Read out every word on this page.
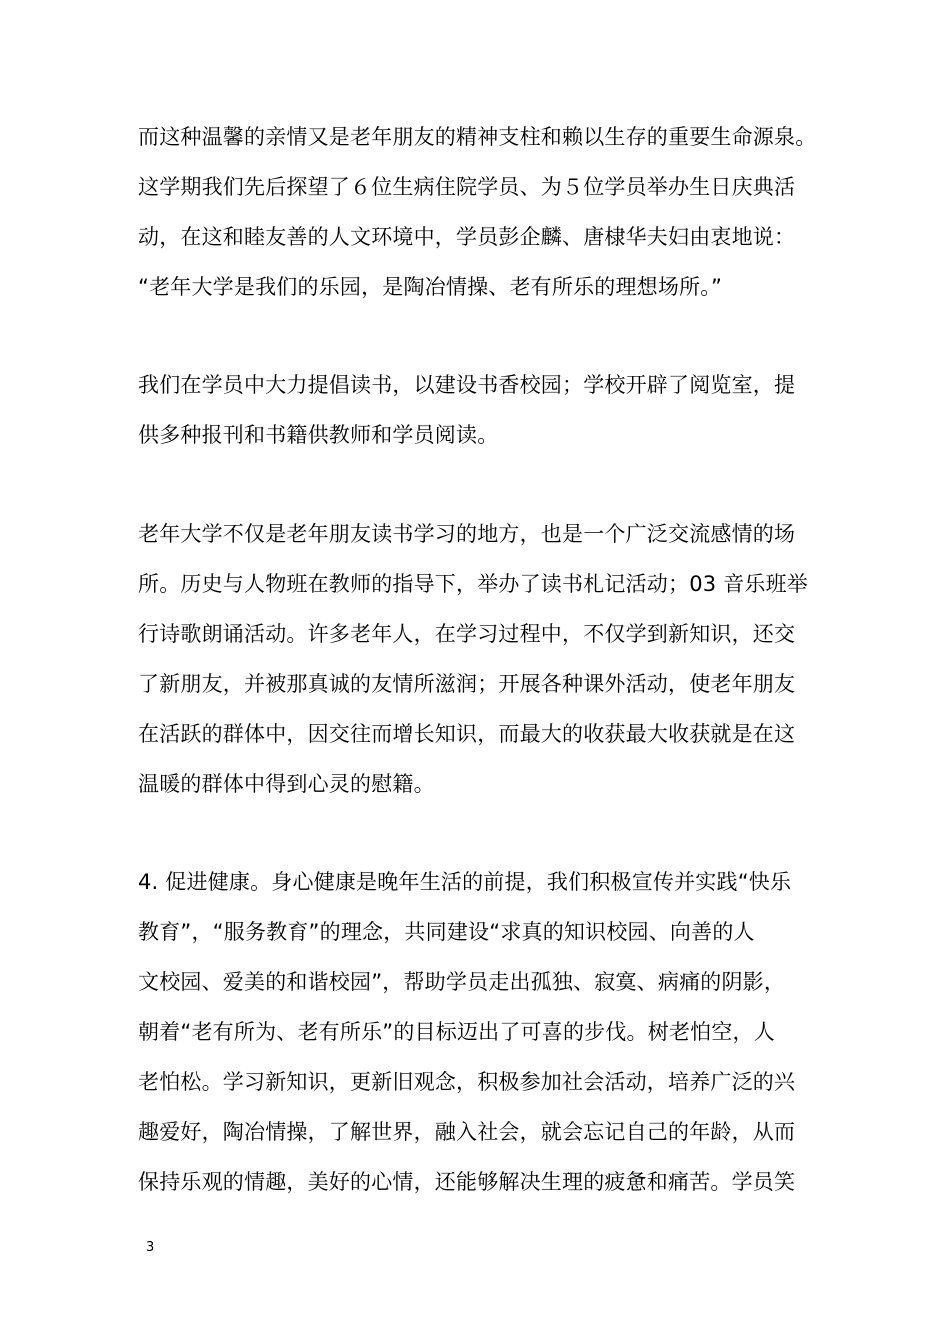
而这种温馨的亲情又是老年朋友的精神支柱和赖以生存的重要生命源泉。
这学期我们先后探望了６位生病住院学员、为５位学员举办生日庆典活
动，在这和睦友善的人文环境中，学员彭企麟、唐棣华夫妇由衷地说：
“老年大学是我们的乐园，是陶冶情操、老有所乐的理想场所。”
我们在学员中大力提倡读书，以建设书香校园；学校开辟了阅览室，提
供多种报刊和书籍供教师和学员阅读。
老年大学不仅是老年朋友读书学习的地方，也是一个广泛交流感情的场
所。历史与人物班在教师的指导下，举办了读书札记活动；03 音乐班举
行诗歌朗诵活动。许多老年人，在学习过程中，不仅学到新知识，还交
了新朋友，并被那真诚的友情所滋润；开展各种课外活动，使老年朋友
在活跃的群体中，因交往而增长知识，而最大的收获最大收获就是在这
温暖的群体中得到心灵的慰籍。
4. 促进健康。身心健康是晚年生活的前提，我们积极宣传并实践“快乐
教育”，“服务教育”的理念，共同建设“求真的知识校园、向善的人
文校园、爱美的和谐校园”，帮助学员走出孤独、寂寞、病痛的阴影，
朝着“老有所为、老有所乐”的目标迈出了可喜的步伐。树老怕空，人
老怕松。学习新知识，更新旧观念，积极参加社会活动，培养广泛的兴
趣爱好，陶冶情操，了解世界，融入社会，就会忘记自己的年龄，从而
保持乐观的情趣，美好的心情，还能够解决生理的疲惫和痛苦。学员笑
3
